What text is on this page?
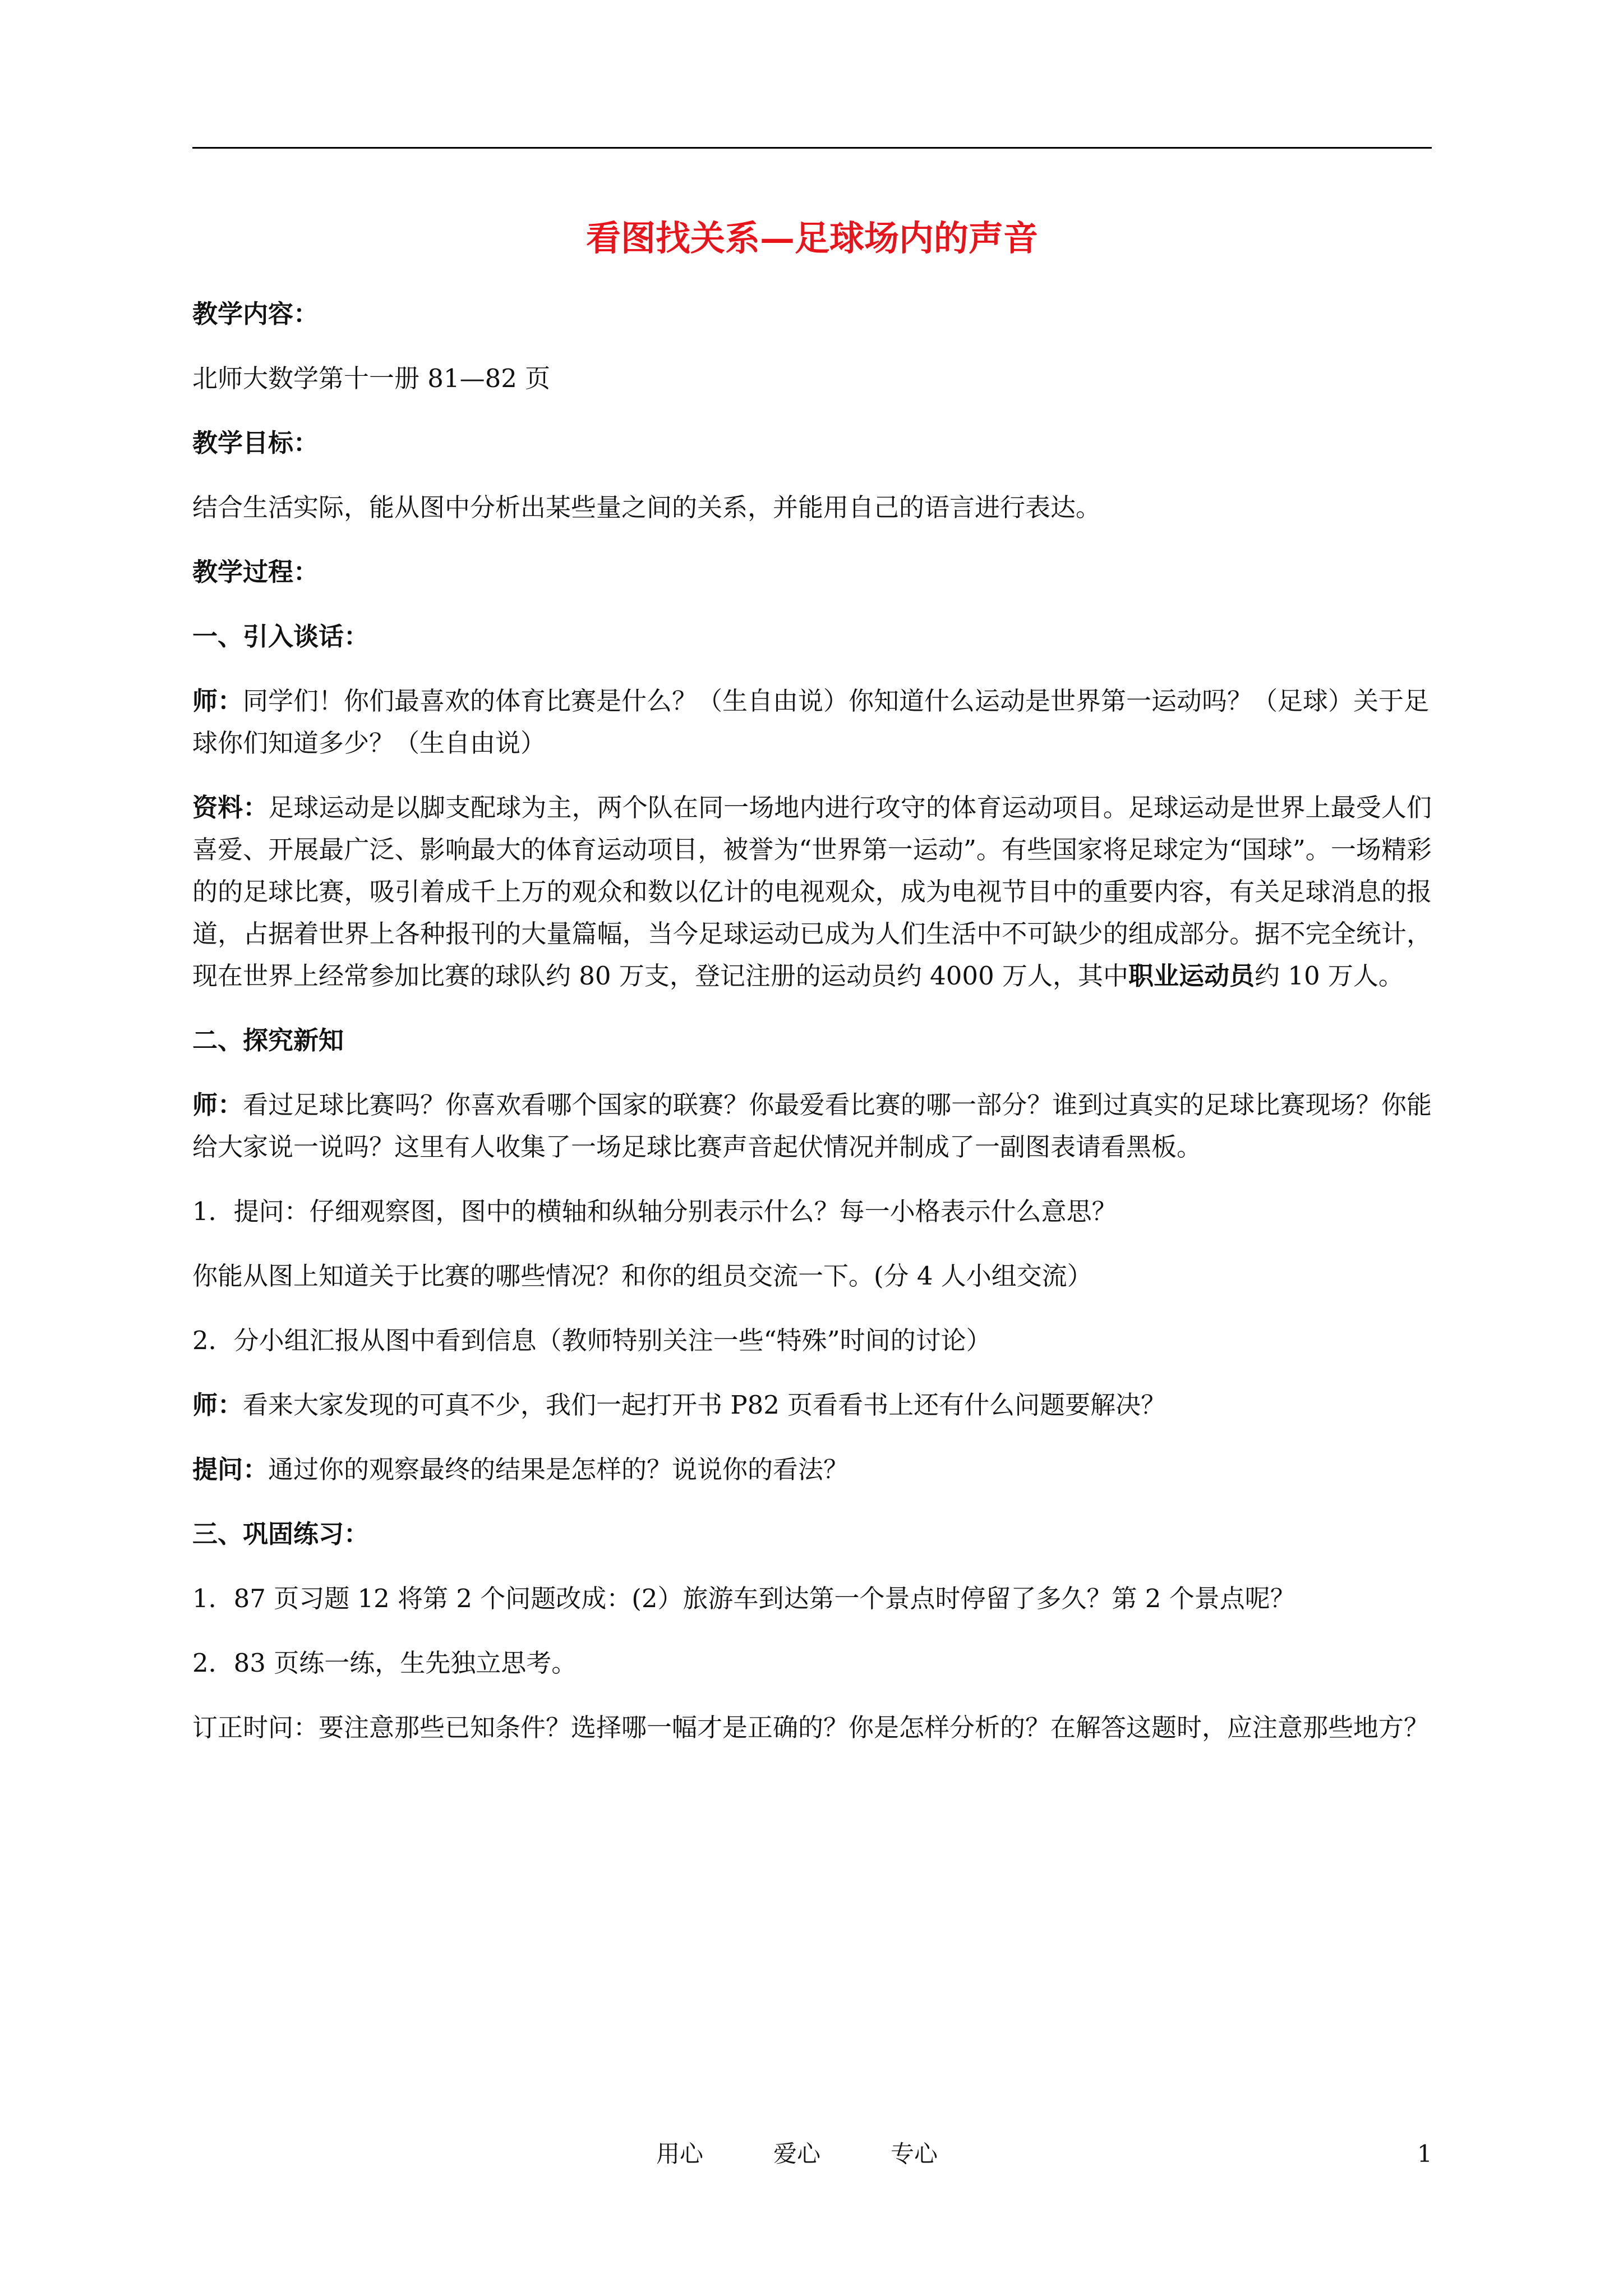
看图找关系—足球场内的声音

教学内容：

北师大数学第十一册 81—82 页

教学目标：

结合生活实际，能从图中分析出某些量之间的关系，并能用自己的语言进行表达。

教学过程：

一、引入谈话：

师：同学们！你们最喜欢的体育比赛是什么？（生自由说）你知道什么运动是世界第一运动吗？（足球）关于足球你们知道多少？（生自由说）

资料：足球运动是以脚支配球为主，两个队在同一场地内进行攻守的体育运动项目。足球运动是世界上最受人们喜爱、开展最广泛、影响最大的体育运动项目，被誉为“世界第一运动”。有些国家将足球定为“国球”。一场精彩的的足球比赛，吸引着成千上万的观众和数以亿计的电视观众，成为电视节目中的重要内容，有关足球消息的报道，占据着世界上各种报刊的大量篇幅，当今足球运动已成为人们生活中不可缺少的组成部分。据不完全统计，现在世界上经常参加比赛的球队约 80 万支，登记注册的运动员约 4000 万人，其中职业运动员约 10 万人。

二、探究新知

师：看过足球比赛吗？你喜欢看哪个国家的联赛？你最爱看比赛的哪一部分？谁到过真实的足球比赛现场？你能给大家说一说吗？这里有人收集了一场足球比赛声音起伏情况并制成了一副图表请看黑板。

1．提问：仔细观察图，图中的横轴和纵轴分别表示什么？每一小格表示什么意思？

你能从图上知道关于比赛的哪些情况？和你的组员交流一下。(分 4 人小组交流）

2．分小组汇报从图中看到信息（教师特别关注一些“特殊”时间的讨论）

师：看来大家发现的可真不少，我们一起打开书 P82 页看看书上还有什么问题要解决？

提问：通过你的观察最终的结果是怎样的？说说你的看法？

三、巩固练习：

1．87 页习题 12 将第 2 个问题改成：(2）旅游车到达第一个景点时停留了多久？第 2 个景点呢？

2．83 页练一练，生先独立思考。

订正时问：要注意那些已知条件？选择哪一幅才是正确的？你是怎样分析的？在解答这题时，应注意那些地方？

用心	爱心	专心	1
